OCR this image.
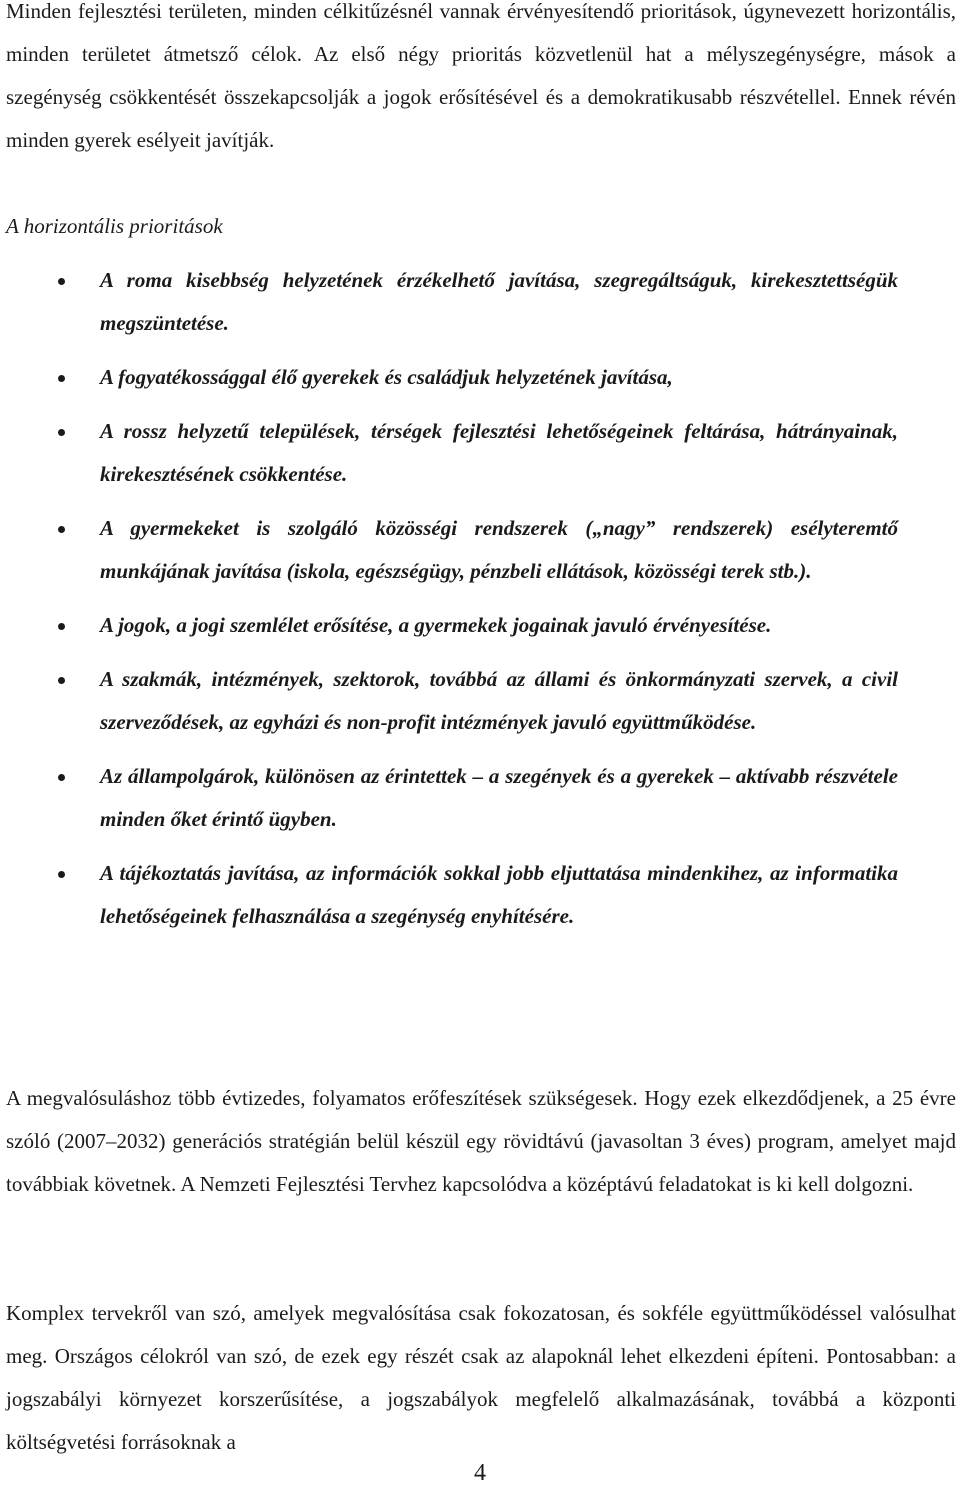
Minden fejlesztési területen, minden célkitűzésnél vannak érvényesítendő prioritások, úgynevezett horizontális, minden területet átmetsző célok. Az első négy prioritás közvetlenül hat a mélyszegénységre, mások a szegénység csökkentését összekapcsolják a jogok erősítésével és a demokratikusabb részvétellel. Ennek révén minden gyerek esélyeit javítják.

A horizontális prioritások

A roma kisebbség helyzetének érzékelhető javítása, szegregáltságuk, kirekesztettségük megszüntetése.
A fogyatékossággal élő gyerekek és családjuk helyzetének javítása,
A rossz helyzetű települések, térségek fejlesztési lehetőségeinek feltárása, hátrányainak, kirekesztésének csökkentése.
A gyermekeket is szolgáló közösségi rendszerek („nagy” rendszerek) esélyteremtő munkájának javítása (iskola, egészségügy, pénzbeli ellátások, közösségi terek stb.).
A jogok, a jogi szemlélet erősítése, a gyermekek jogainak javuló érvényesítése.
A szakmák, intézmények, szektorok, továbbá az állami és önkormányzati szervek, a civil szerveződések, az egyházi és non-profit intézmények javuló együttműködése.
Az állampolgárok, különösen az érintettek – a szegények és a gyerekek – aktívabb részvétele minden őket érintő ügyben.
A tájékoztatás javítása, az információk sokkal jobb eljuttatása mindenkihez, az informatika lehetőségeinek felhasználása a szegénység enyhítésére.

A megvalósuláshoz több évtizedes, folyamatos erőfeszítések szükségesek. Hogy ezek elkezdődjenek, a 25 évre szóló (2007–2032) generációs stratégián belül készül egy rövidtávú (javasoltan 3 éves) program, amelyet majd továbbiak követnek. A Nemzeti Fejlesztési Tervhez kapcsolódva a középtávú feladatokat is ki kell dolgozni.

Komplex tervekről van szó, amelyek megvalósítása csak fokozatosan, és sokféle együttműködéssel valósulhat meg. Országos célokról van szó, de ezek egy részét csak az alapoknál lehet elkezdeni építeni. Pontosabban: a jogszabályi környezet korszerűsítése, a jogszabályok megfelelő alkalmazásának, továbbá a központi költségvetési forrásoknak a

4
